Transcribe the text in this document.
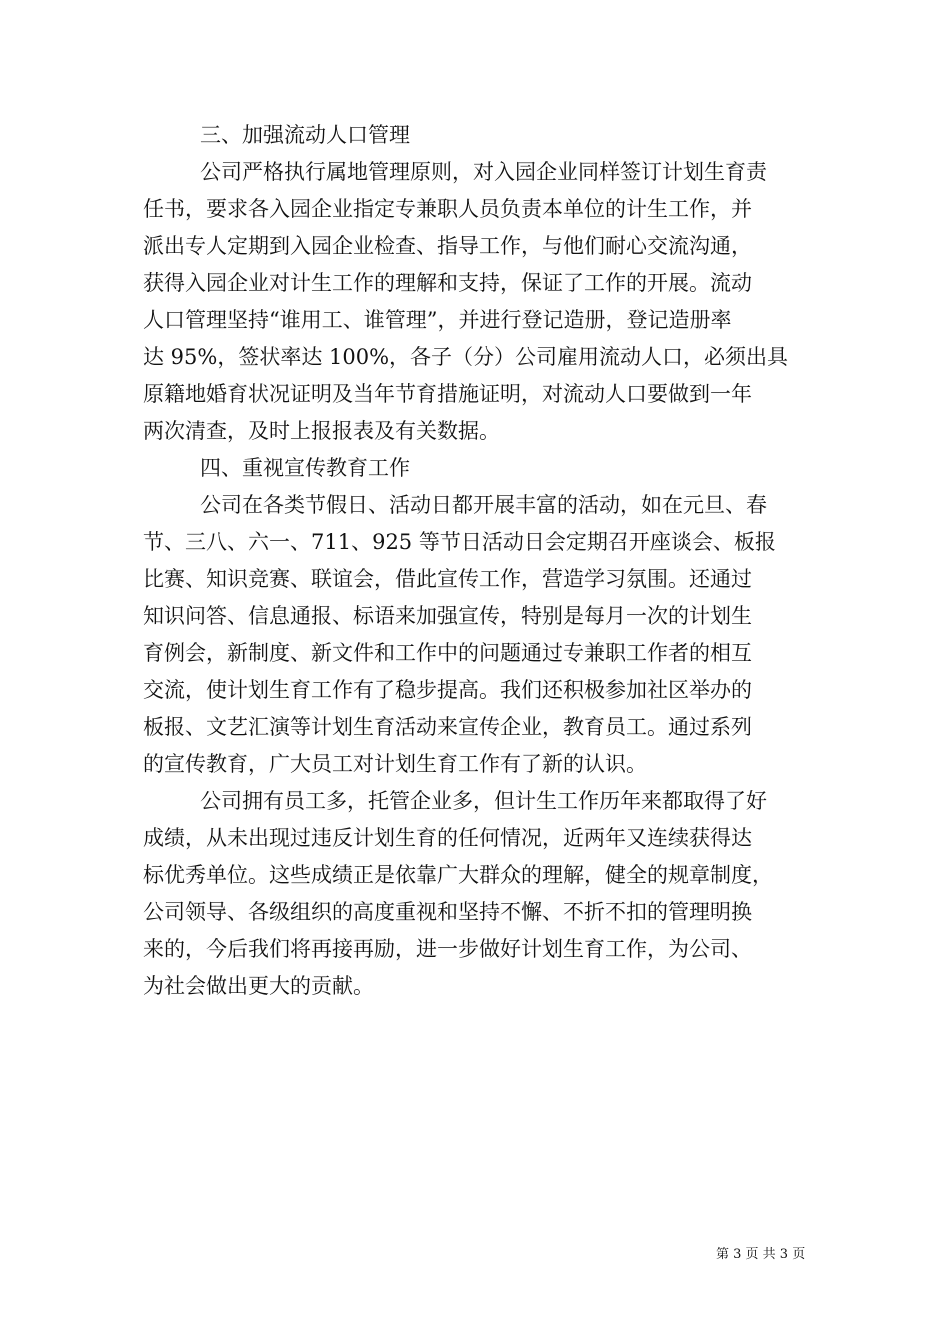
三、加强流动人口管理

公司严格执行属地管理原则，对入园企业同样签订计划生育责
任书，要求各入园企业指定专兼职人员负责本单位的计生工作，并
派出专人定期到入园企业检查、指导工作，与他们耐心交流沟通，
获得入园企业对计生工作的理解和支持，保证了工作的开展。流动
人口管理坚持“谁用工、谁管理”，并进行登记造册，登记造册率
达 95%，签状率达 100%，各子（分）公司雇用流动人口，必须出具
原籍地婚育状况证明及当年节育措施证明，对流动人口要做到一年
两次清查，及时上报报表及有关数据。

四、重视宣传教育工作

公司在各类节假日、活动日都开展丰富的活动，如在元旦、春
节、三八、六一、711、925 等节日活动日会定期召开座谈会、板报
比赛、知识竞赛、联谊会，借此宣传工作，营造学习氛围。还通过
知识问答、信息通报、标语来加强宣传，特别是每月一次的计划生
育例会，新制度、新文件和工作中的问题通过专兼职工作者的相互
交流，使计划生育工作有了稳步提高。我们还积极参加社区举办的
板报、文艺汇演等计划生育活动来宣传企业，教育员工。通过系列
的宣传教育，广大员工对计划生育工作有了新的认识。

公司拥有员工多，托管企业多，但计生工作历年来都取得了好
成绩，从未出现过违反计划生育的任何情况，近两年又连续获得达
标优秀单位。这些成绩正是依靠广大群众的理解，健全的规章制度，
公司领导、各级组织的高度重视和坚持不懈、不折不扣的管理明换
来的，今后我们将再接再励，进一步做好计划生育工作，为公司、
为社会做出更大的贡献。

第 3 页 共 3 页
